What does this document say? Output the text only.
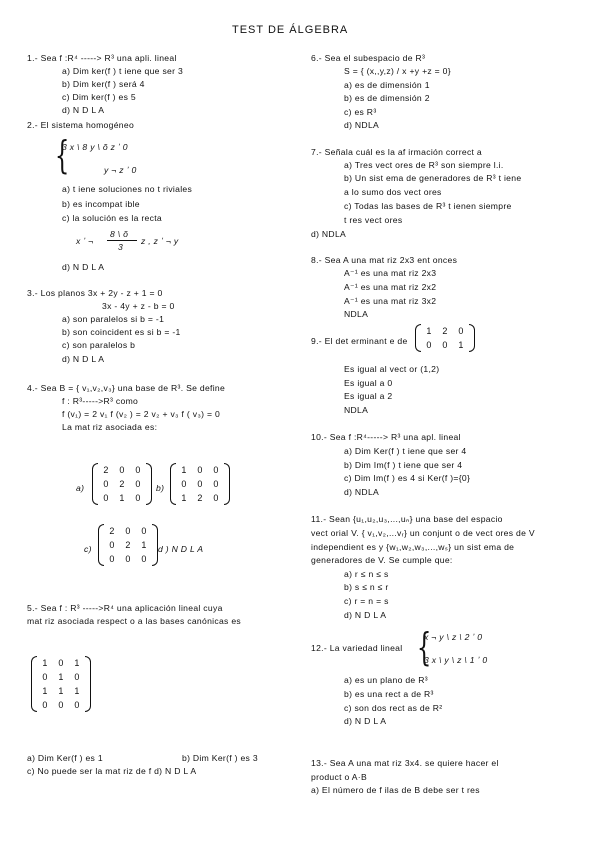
TEST DE ÁLGEBRA
1.- Sea f :R⁴ -----> R³ una apli. lineal
a) Dim ker(f ) t iene que ser 3
b) Dim ker(f ) será 4
c) Dim ker(f ) es 5
d) N D L A
2.- El sistema homogéneo
{
3 x \ 8 y \ õ z ʼ 0
y ¬ z ʼ 0
a) t iene soluciones no t riviales
b) es incompat ible
c) la solución es la recta
x ʼ ¬
8 \ õ
3
z , z ʼ ¬ y
d) N D L A
3.- Los planos 3x + 2y - z + 1 = 0
3x - 4y + z - b = 0
a) son paralelos si b = -1
b) son coincident es si b = -1
c) son paralelos b
d) N D L A
4.- Sea B = { v₁,v₂,v₃} una base de R³. Se define
f : R³----->R³ como
f (v₁) = 2 v₁ f (v₂ ) = 2 v₂ + v₃ f ( v₃) = 0
La mat riz asociada es:
a)
2	0	0
0	2	0
0	1	0
b)
1	0	0
0	0	0
1	2	0
c)
2	0	0
0	2	1
0	0	0
d ) N D L A
5.- Sea f : R³ ----->R⁴ una aplicación lineal cuya
mat riz asociada respect o a las bases canónicas es
1	0	1
0	1	0
1	1	1
0	0	0
a) Dim Ker(f ) es 1	b) Dim Ker(f ) es 3
c) No puede ser la mat riz de f d) N D L A
6.- Sea el subespacio de R³
S = { (x,,y,z) / x +y +z = 0}
a) es de dimensión 1
b) es de dimensión 2
c) es R³
d) NDLA
7.- Señala cuál es la af irmación correct a
a) Tres vect ores de R³ son siempre l.i.
b) Un sist ema de generadores de R³ t iene
a lo sumo dos vect ores
c) Todas las bases de R³ t ienen siempre
t res vect ores
d) NDLA
8.- Sea A una mat riz 2x3 ent onces
A⁻¹ es una mat riz 2x3
A⁻¹ es una mat riz 2x2
A⁻¹ es una mat riz 3x2
NDLA
9.- El det erminant e de
1	2	0
0	0	1
Es igual al vect or (1,2)
Es igual a 0
Es igual a 2
NDLA
10.- Sea f :R⁴-----> R³ una apl. lineal
a) Dim Ker(f ) t iene que ser 4
b) Dim Im(f ) t iene que ser 4
c) Dim Im(f ) es 4 si Ker(f )={0}
d) NDLA
11.- Sean {u₁,u₂,u₃,...,uₙ} una base del espacio
vect orial V. { v₁,v₂,...vᵣ} un conjunt o de vect ores de V
independient es y {w₁,w₂,w₃,...,wₛ} un sist ema de
generadores de V. Se cumple que:
a) r ≤ n ≤ s
b) s ≤ n ≤ r
c) r = n = s
d) N D L A
12.- La variedad lineal {
x ¬ y \ z \ 2 ʼ 0
3 x \ y \ z \ 1 ʼ 0
a) es un plano de R³
b) es una rect a de R³
c) son dos rect as de R²
d) N D L A
13.- Sea A una mat riz 3x4. se quiere hacer el
product o A·B
a) El número de f ilas de B debe ser t res
